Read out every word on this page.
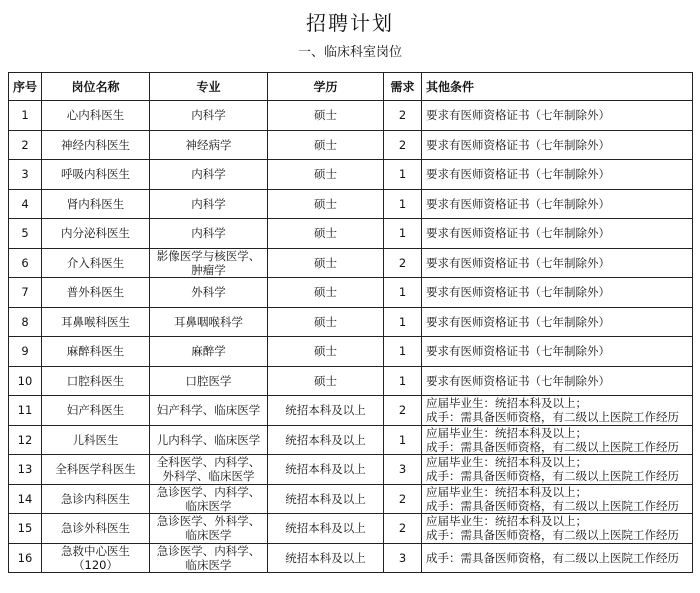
招聘计划
一、临床科室岗位
序号	岗位名称	专业	学历	需求	其他条件
1	心内科医生	内科学	硕士	2	要求有医师资格证书（七年制除外）

2	神经内科医生	神经病学	硕士	2	要求有医师资格证书（七年制除外）

3	呼吸内科医生	内科学	硕士	1	要求有医师资格证书（七年制除外）

4	肾内科医生	内科学	硕士	1	要求有医师资格证书（七年制除外）

5	内分泌科医生	内科学	硕士	1	要求有医师资格证书（七年制除外）

6	介入科医生	影像医学与核医学、肿瘤学	硕士	2	要求有医师资格证书（七年制除外）

7	普外科医生	外科学	硕士	1	要求有医师资格证书（七年制除外）

8	耳鼻喉科医生	耳鼻咽喉科学	硕士	1	要求有医师资格证书（七年制除外）

9	麻醉科医生	麻醉学	硕士	1	要求有医师资格证书（七年制除外）

10	口腔科医生	口腔医学	硕士	1	要求有医师资格证书（七年制除外）

11	妇产科医生	妇产科学、临床医学	统招本科及以上	2	应届毕业生：统招本科及以上；
成手：需具备医师资格，有二级以上医院工作经历

12	儿科医生	儿内科学、临床医学	统招本科及以上	1	应届毕业生：统招本科及以上；
成手：需具备医师资格，有二级以上医院工作经历

13	全科医学科医生	全科医学、内科学、外科学、临床医学	统招本科及以上	3	应届毕业生：统招本科及以上；
成手：需具备医师资格，有二级以上医院工作经历

14	急诊内科医生	急诊医学、内科学、临床医学	统招本科及以上	2	应届毕业生：统招本科及以上；
成手：需具备医师资格，有二级以上医院工作经历

15	急诊外科医生	急诊医学、外科学、临床医学	统招本科及以上	2	应届毕业生：统招本科及以上；
成手：需具备医师资格，有二级以上医院工作经历

16	急救中心医生（120）	急诊医学、内科学、临床医学	统招本科及以上	3	成手：需具备医师资格，有二级以上医院工作经历
